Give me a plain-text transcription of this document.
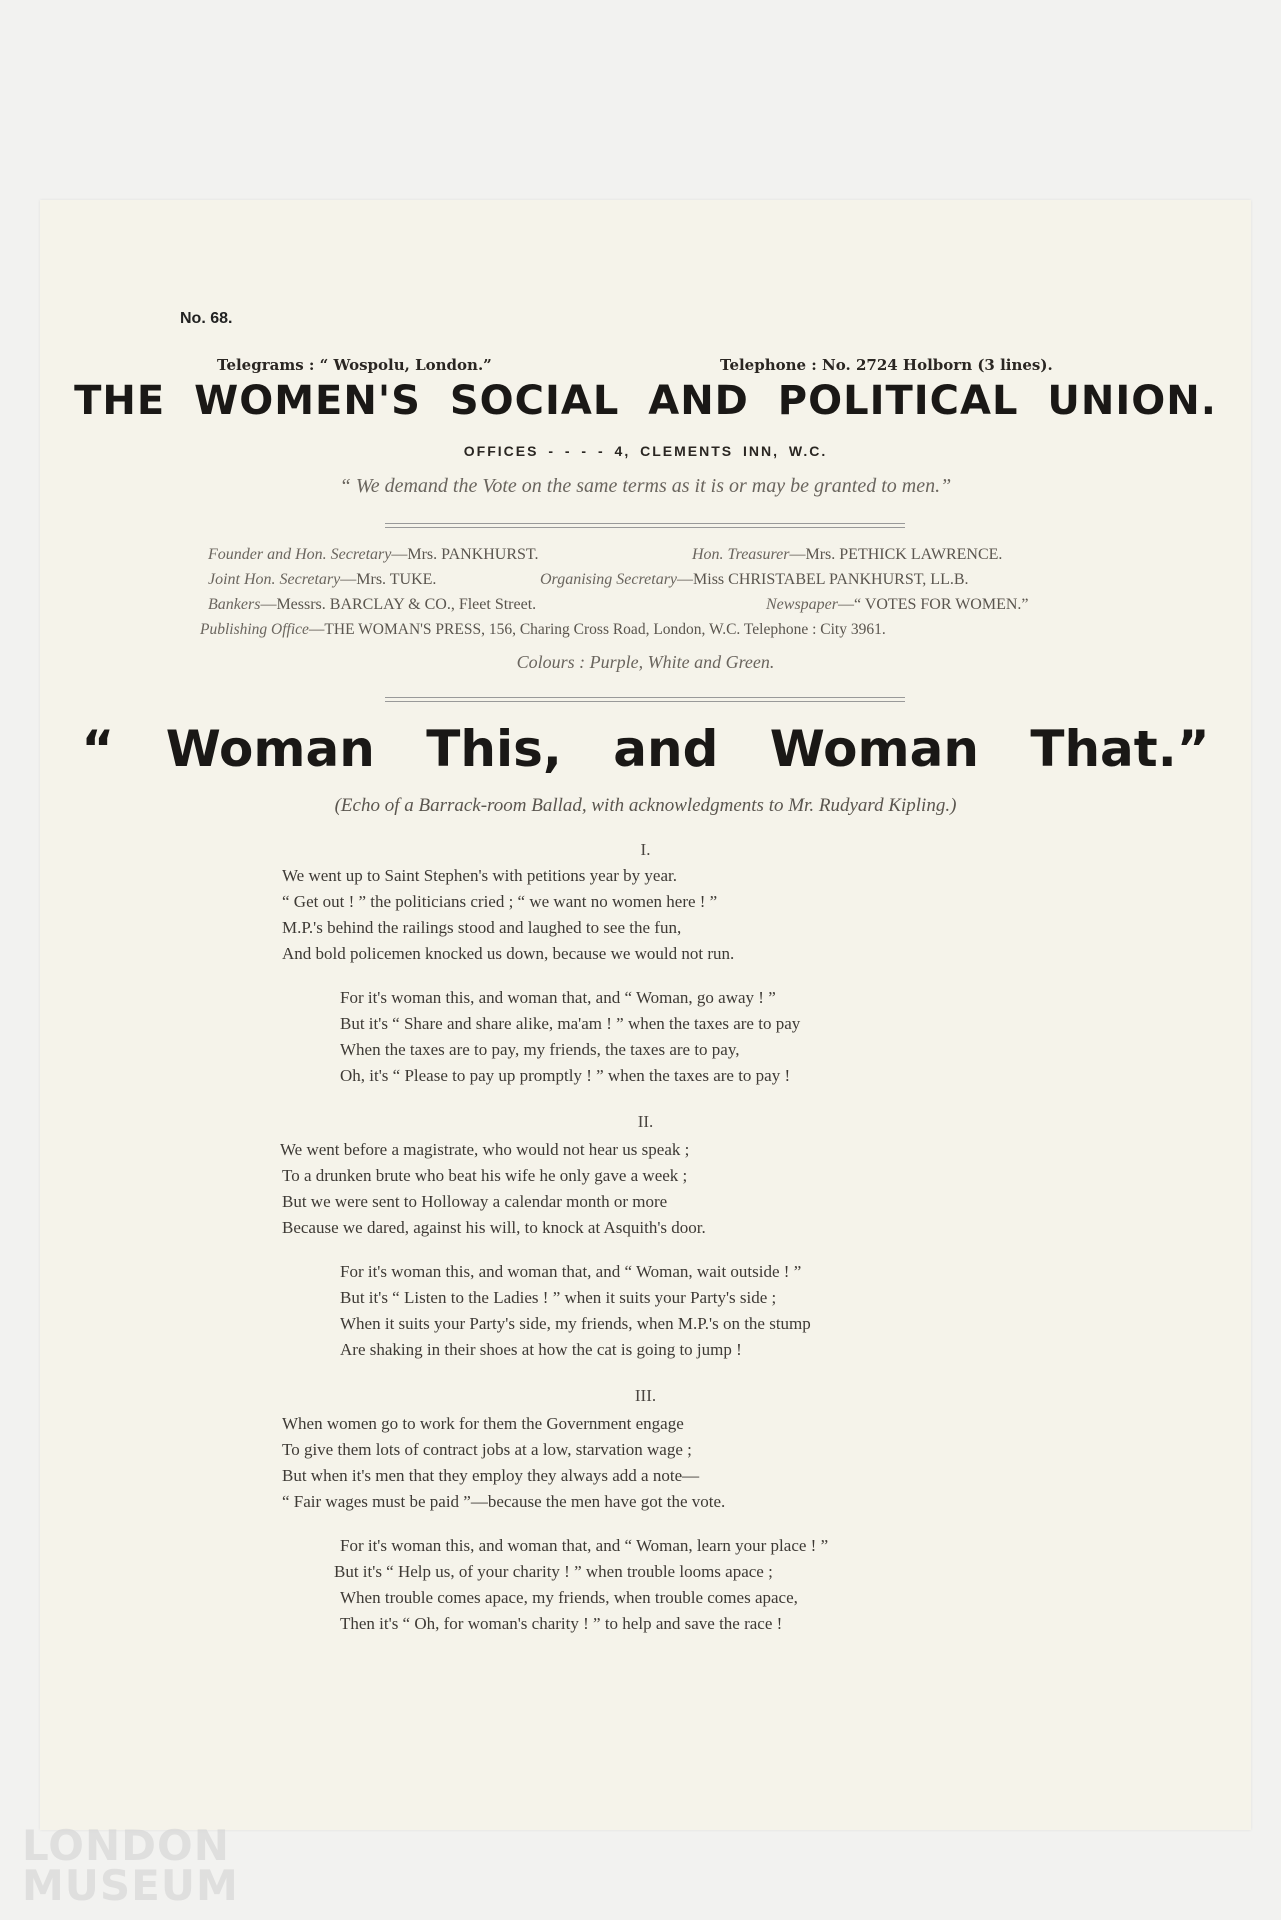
No. 68.
Telegrams : “ Wospolu, London.”	Telephone : No. 2724 Holborn (3 lines).
THE WOMEN'S SOCIAL AND POLITICAL UNION.
OFFICES - - - - 4, CLEMENTS INN, W.C.
“ We demand the Vote on the same terms as it is or may be granted to men.”
Founder and Hon. Secretary—Mrs. PANKHURST.	Hon. Treasurer—Mrs. PETHICK LAWRENCE.
Joint Hon. Secretary—Mrs. TUKE.	Organising Secretary—Miss CHRISTABEL PANKHURST, LL.B.
Bankers—Messrs. BARCLAY & CO., Fleet Street.	Newspaper—“ VOTES FOR WOMEN.”
Publishing Office—THE WOMAN'S PRESS, 156, Charing Cross Road, London, W.C. Telephone : City 3961.
Colours : Purple, White and Green.
“ Woman This, and Woman That.”
(Echo of a Barrack-room Ballad, with acknowledgments to Mr. Rudyard Kipling.)
I.
We went up to Saint Stephen's with petitions year by year.
“ Get out ! ” the politicians cried ; “ we want no women here ! ”
M.P.'s behind the railings stood and laughed to see the fun,
And bold policemen knocked us down, because we would not run.
For it's woman this, and woman that, and “ Woman, go away ! ”
But it's “ Share and share alike, ma'am ! ” when the taxes are to pay
When the taxes are to pay, my friends, the taxes are to pay,
Oh, it's “ Please to pay up promptly ! ” when the taxes are to pay !
II.
We went before a magistrate, who would not hear us speak ;
To a drunken brute who beat his wife he only gave a week ;
But we were sent to Holloway a calendar month or more
Because we dared, against his will, to knock at Asquith's door.
For it's woman this, and woman that, and “ Woman, wait outside ! ”
But it's “ Listen to the Ladies ! ” when it suits your Party's side ;
When it suits your Party's side, my friends, when M.P.'s on the stump
Are shaking in their shoes at how the cat is going to jump !
III.
When women go to work for them the Government engage
To give them lots of contract jobs at a low, starvation wage ;
But when it's men that they employ they always add a note—
“ Fair wages must be paid ”—because the men have got the vote.
For it's woman this, and woman that, and “ Woman, learn your place ! ”
But it's “ Help us, of your charity ! ” when trouble looms apace ;
When trouble comes apace, my friends, when trouble comes apace,
Then it's “ Oh, for woman's charity ! ” to help and save the race !
LONDON
MUSEUM
